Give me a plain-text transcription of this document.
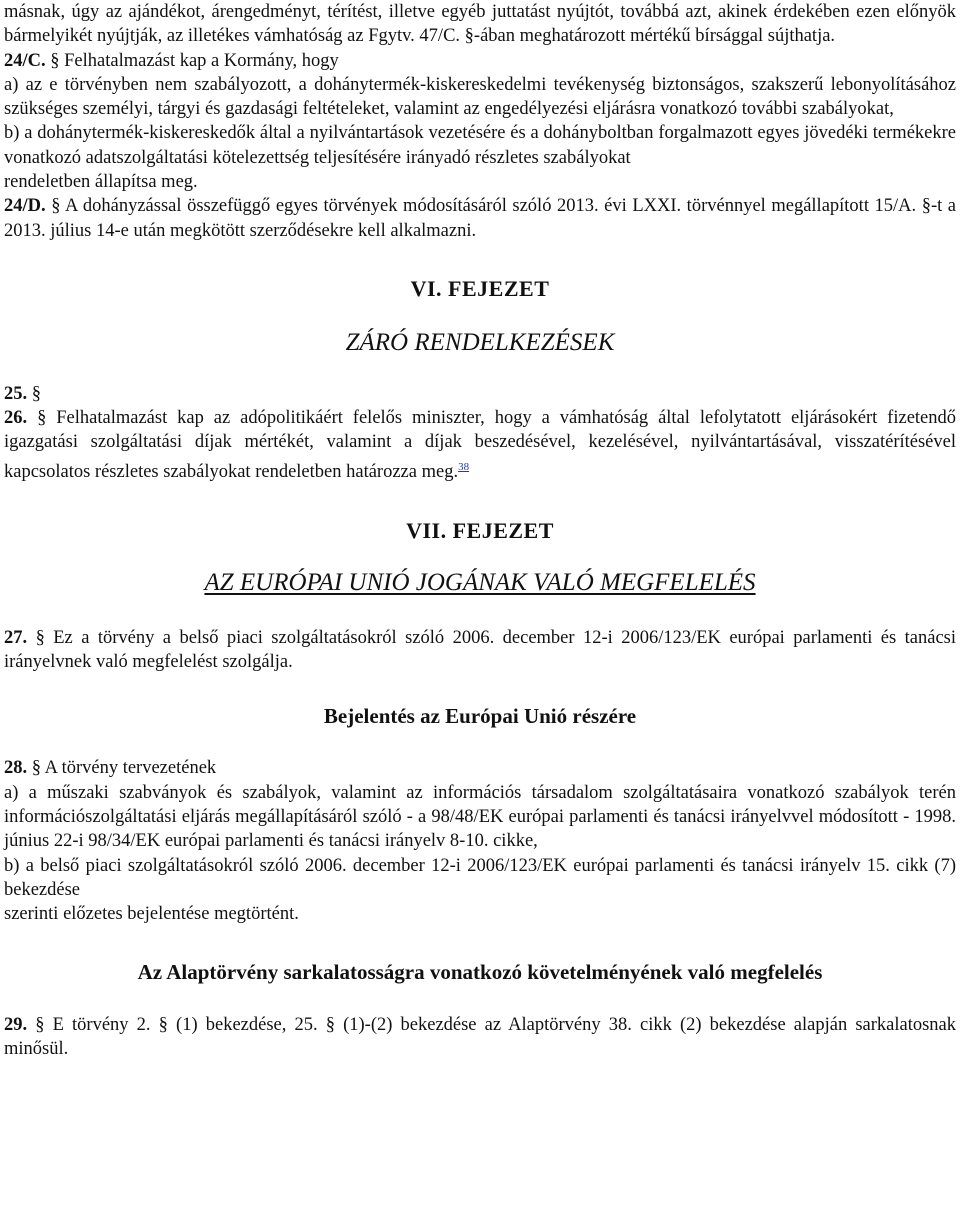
másnak, úgy az ajándékot, árengedményt, térítést, illetve egyéb juttatást nyújtót, továbbá azt, akinek érdekében ezen előnyök bármelyikét nyújtják, az illetékes vámhatóság az Fgytv. 47/C. §-ában meghatározott mértékű bírsággal sújthatja.

24/C. § Felhatalmazást kap a Kormány, hogy

a) az e törvényben nem szabályozott, a dohánytermék-kiskereskedelmi tevékenység biztonságos, szakszerű lebonyolításához szükséges személyi, tárgyi és gazdasági feltételeket, valamint az engedélyezési eljárásra vonatkozó további szabályokat,

b) a dohánytermék-kiskereskedők által a nyilvántartások vezetésére és a dohányboltban forgalmazott egyes jövedéki termékekre vonatkozó adatszolgáltatási kötelezettség teljesítésére irányadó részletes szabályokat

rendeletben állapítsa meg.

24/D. § A dohányzással összefüggő egyes törvények módosításáról szóló 2013. évi LXXI. törvénnyel megállapított 15/A. §-t a 2013. július 14-e után megkötött szerződésekre kell alkalmazni.

VI. FEJEZET
ZÁRÓ RENDELKEZÉSEK

25. §

26. § Felhatalmazást kap az adópolitikáért felelős miniszter, hogy a vámhatóság által lefolytatott eljárásokért fizetendő igazgatási szolgáltatási díjak mértékét, valamint a díjak beszedésével, kezelésével, nyilvántartásával, visszatérítésével kapcsolatos részletes szabályokat rendeletben határozza meg.$^{38}$

VII. FEJEZET
AZ EURÓPAI UNIÓ JOGÁNAK VALÓ MEGFELELÉS

27. § Ez a törvény a belső piaci szolgáltatásokról szóló 2006. december 12-i 2006/123/EK európai parlamenti és tanácsi irányelvnek való megfelelést szolgálja.

Bejelentés az Európai Unió részére

28. § A törvény tervezetének

a) a műszaki szabványok és szabályok, valamint az információs társadalom szolgáltatásaira vonatkozó szabályok terén információszolgáltatási eljárás megállapításáról szóló - a 98/48/EK európai parlamenti és tanácsi irányelvvel módosított - 1998. június 22-i 98/34/EK európai parlamenti és tanácsi irányelv 8-10. cikke,

b) a belső piaci szolgáltatásokról szóló 2006. december 12-i 2006/123/EK európai parlamenti és tanácsi irányelv 15. cikk (7) bekezdése

szerinti előzetes bejelentése megtörtént.

Az Alaptörvény sarkalatosságra vonatkozó követelményének való megfelelés

29. § E törvény 2. § (1) bekezdése, 25. § (1)-(2) bekezdése az Alaptörvény 38. cikk (2) bekezdése alapján sarkalatosnak minősül.
